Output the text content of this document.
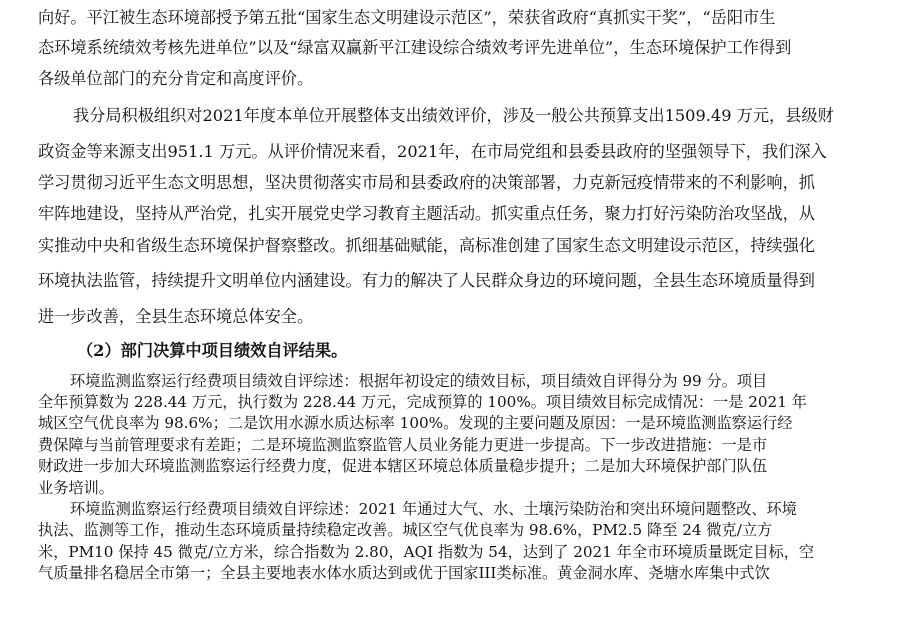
向好。平江被生态环境部授予第五批“国家生态文明建设示范区”，荣获省政府“真抓实干奖”，“岳阳市生
态环境系统绩效考核先进单位”以及“绿富双赢新平江建设综合绩效考评先进单位”，生态环境保护工作得到
各级单位部门的充分肯定和高度评价。
我分局积极组织对2021年度本单位开展整体支出绩效评价，涉及一般公共预算支出1509.49 万元，县级财
政资金等来源支出951.1 万元。从评价情况来看，2021年，在市局党组和县委县政府的坚强领导下，我们深入
学习贯彻习近平生态文明思想，坚决贯彻落实市局和县委政府的决策部署，力克新冠疫情带来的不利影响，抓
牢阵地建设，坚持从严治党，扎实开展党史学习教育主题活动。抓实重点任务，聚力打好污染防治攻坚战，从
实推动中央和省级生态环境保护督察整改。抓细基础赋能，高标准创建了国家生态文明建设示范区，持续强化
环境执法监管，持续提升文明单位内涵建设。有力的解决了人民群众身边的环境问题，全县生态环境质量得到
进一步改善，全县生态环境总体安全。
（2）部门决算中项目绩效自评结果。
环境监测监察运行经费项目绩效自评综述：根据年初设定的绩效目标，项目绩效自评得分为 99 分。项目
全年预算数为 228.44 万元，执行数为 228.44 万元，完成预算的 100%。项目绩效目标完成情况：一是 2021 年
城区空气优良率为 98.6%；二是饮用水源水质达标率 100%。发现的主要问题及原因：一是环境监测监察运行经
费保障与当前管理要求有差距；二是环境监测监察监管人员业务能力更进一步提高。下一步改进措施：一是市
财政进一步加大环境监测监察运行经费力度，促进本辖区环境总体质量稳步提升；二是加大环境保护部门队伍
业务培训。
环境监测监察运行经费项目绩效自评综述：2021 年通过大气、水、土壤污染防治和突出环境问题整改、环境
执法、监测等工作，推动生态环境质量持续稳定改善。城区空气优良率为 98.6%，PM2.5 降至 24 微克/立方
米，PM10 保持 45 微克/立方米，综合指数为 2.80，AQI 指数为 54，达到了 2021 年全市环境质量既定目标，空
气质量排名稳居全市第一；全县主要地表水体水质达到或优于国家III类标准。黄金洞水库、尧塘水库集中式饮
